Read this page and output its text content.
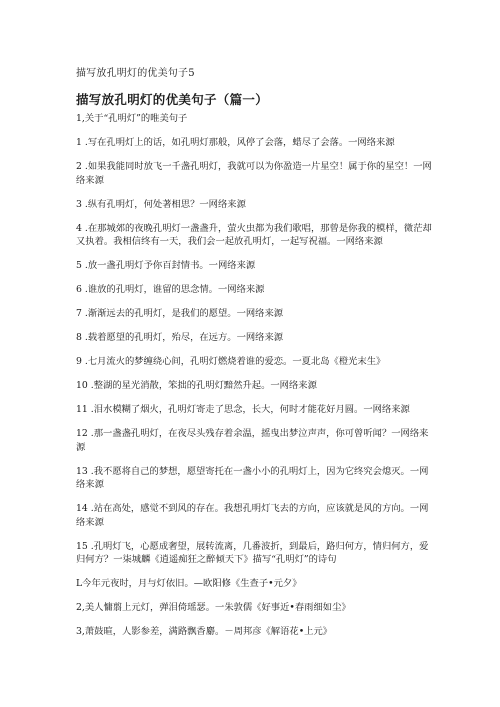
描写放孔明灯的优美句子5
描写放孔明灯的优美句子（篇一）

1,关于“孔明灯”的唯美句子

1 .写在孔明灯上的话，如孔明灯那般，风停了会落，蜡尽了会落。一网络来源

2 .如果我能同时放飞一千盏孔明灯，我就可以为你盈造一片星空！属于你的星空！一网络来源

3 .纵有孔明灯，何处著相思？一网络来源

4 .在那城郊的夜晚孔明灯一盏盏升，萤火虫都为我们歌唱，那曾是你我的模样，微茫却又执着。我相信终有一天，我们会一起放孔明灯，一起写祝福。一网络来源

5 .放一盏孔明灯予你百封情书。一网络来源

6 .谁放的孔明灯，谁留的思念情。一网络来源

7 .渐渐远去的孔明灯，是我们的愿望。一网络来源

8 .载着愿望的孔明灯，殆尽，在远方。一网络来源

9 .七月流火的梦缠绕心间，孔明灯燃烧着谁的爱恋。一夏北岛《橙光末生》

10 .整湖的星光消散，笨拙的孔明灯黯然升起。一网络来源

11 .泪水模糊了烟火，孔明灯寄走了思念，长大，何时才能花好月圆。一网络来源

12 .那一盏盏孔明灯，在夜尽头残存着余温，摇曳出梦泣声声，你可曾听闻？一网络来源

13 .我不愿将自己的梦想，愿望寄托在一盏小小的孔明灯上，因为它终究会熄灭。一网络来源

14 .站在高处，感觉不到风的存在。我想孔明灯飞去的方向，应该就是风的方向。一网络来源

15 .孔明灯飞，心愿成奢望，展转流离，几番波折，到最后，路归何方，情归何方，爱归何方？一柒城麟《逍遥痴狂之醉倾天下》描写“孔明灯”的诗句

L今年元夜时，月与灯依旧。—欧阳修《生查子•元夕》

2,美人慵翦上元灯，弹泪倚瑶瑟。一朱敦儒《好事近•春雨细如尘》

3,萧鼓暄，人影参差，满路飘香麝。－周邦彦《解语花•上元》
